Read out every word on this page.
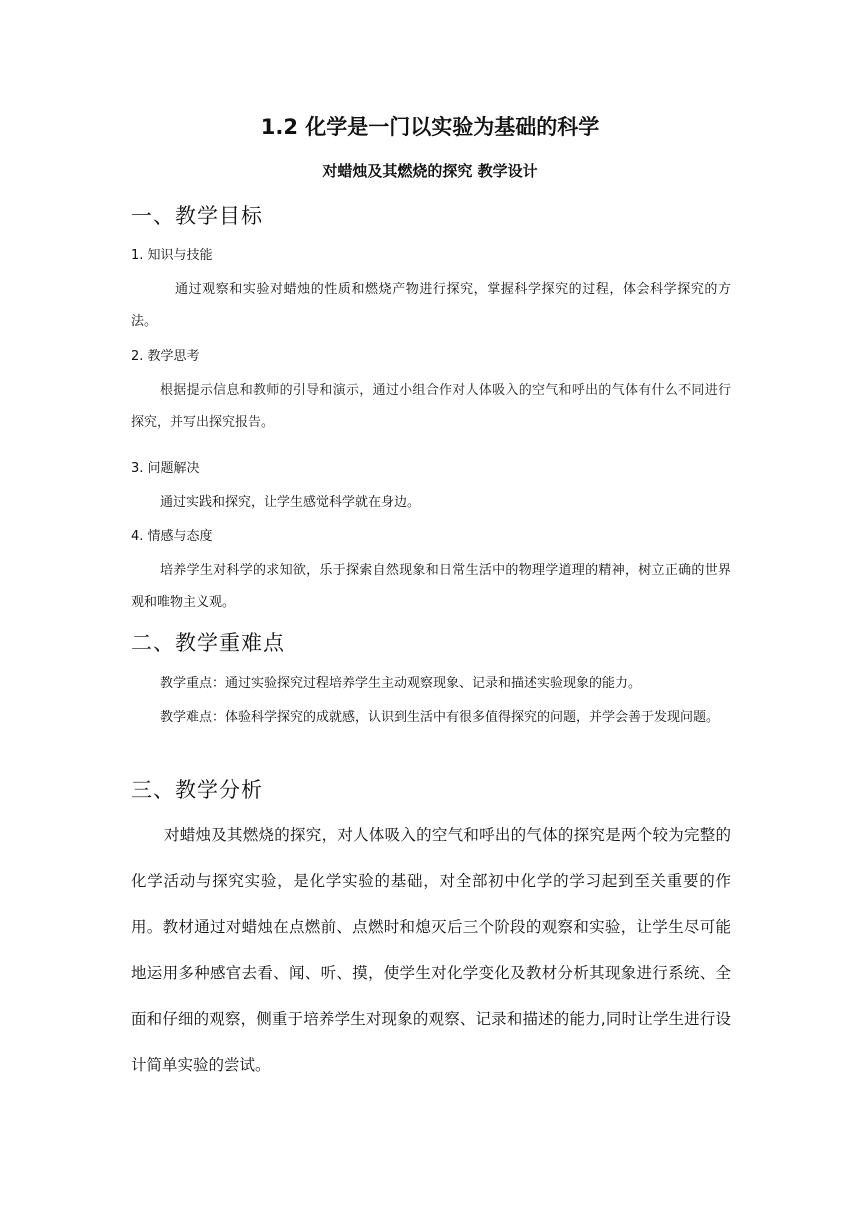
1.2 化学是一门以实验为基础的科学
对蜡烛及其燃烧的探究 教学设计
一、教学目标
1. 知识与技能

通过观察和实验对蜡烛的性质和燃烧产物进行探究，掌握科学探究的过程，体会科学探究的方法。

2. 教学思考

根据提示信息和教师的引导和演示，通过小组合作对人体吸入的空气和呼出的气体有什么不同进行探究，并写出探究报告。

3. 问题解决

通过实践和探究，让学生感觉科学就在身边。

4. 情感与态度

培养学生对科学的求知欲，乐于探索自然现象和日常生活中的物理学道理的精神，树立正确的世界观和唯物主义观。

二、教学重难点

教学重点：通过实验探究过程培养学生主动观察现象、记录和描述实验现象的能力。

教学难点：体验科学探究的成就感，认识到生活中有很多值得探究的问题，并学会善于发现问题。

三、教学分析

对蜡烛及其燃烧的探究，对人体吸入的空气和呼出的气体的探究是两个较为完整的化学活动与探究实验，是化学实验的基础，对全部初中化学的学习起到至关重要的作用。教材通过对蜡烛在点燃前、点燃时和熄灭后三个阶段的观察和实验，让学生尽可能地运用多种感官去看、闻、听、摸，使学生对化学变化及教材分析其现象进行系统、全面和仔细的观察，侧重于培养学生对现象的观察、记录和描述的能力,同时让学生进行设计简单实验的尝试。
